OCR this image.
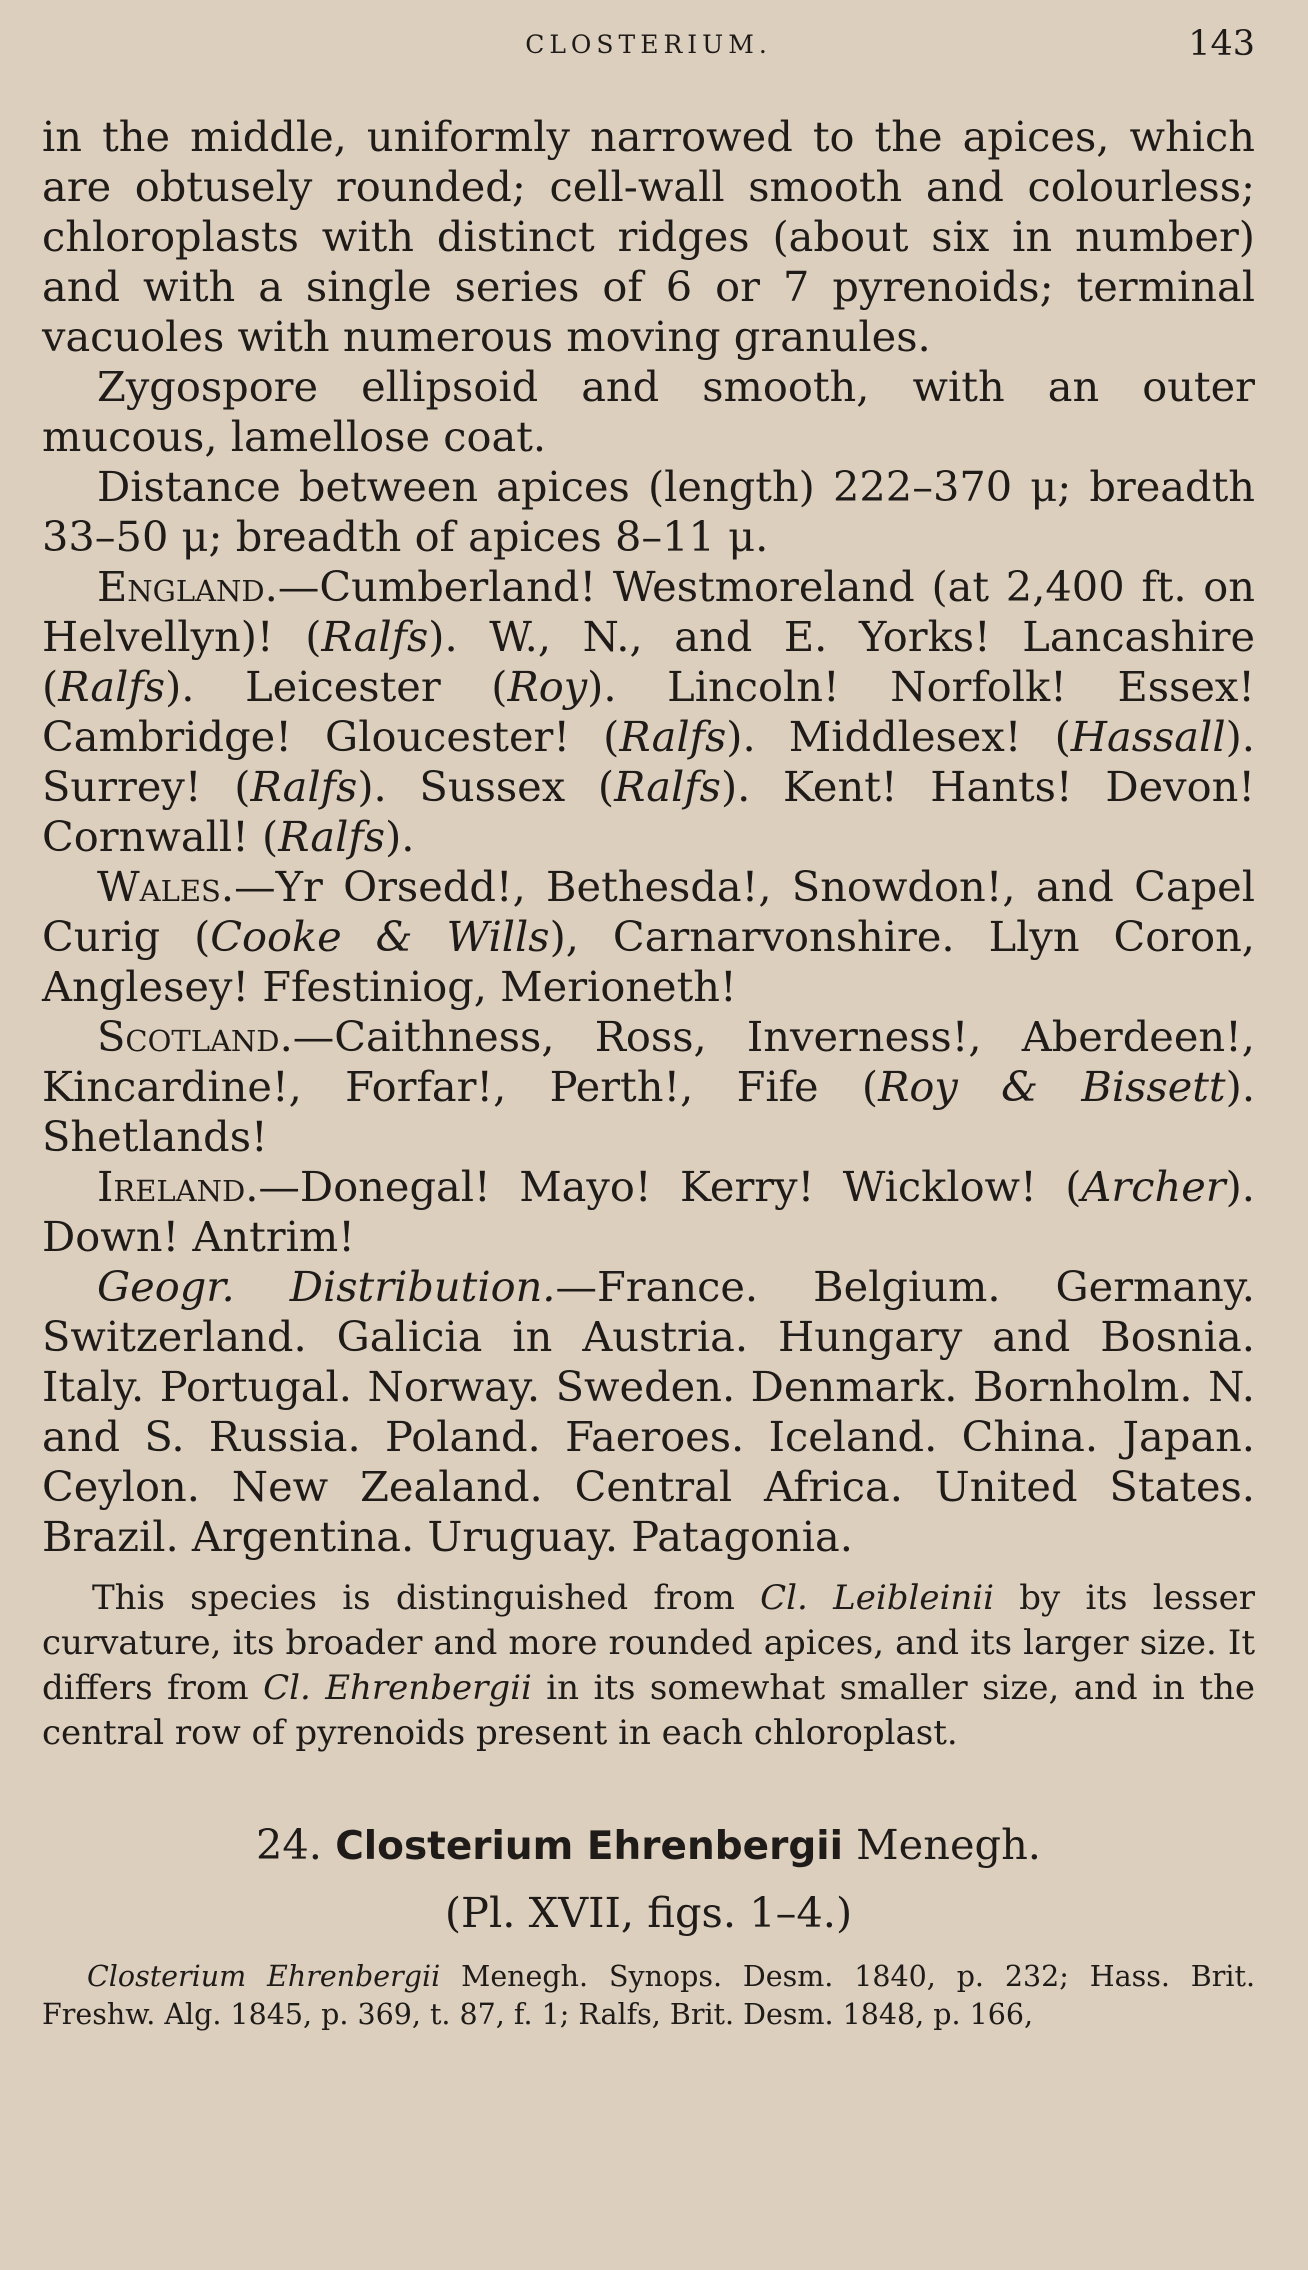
CLOSTERIUM.	143

in the middle, uniformly narrowed to the apices, which are obtusely rounded; cell-wall smooth and colourless; chloroplasts with distinct ridges (about six in number) and with a single series of 6 or 7 pyrenoids; terminal vacuoles with numerous moving granules.

Zygospore ellipsoid and smooth, with an outer mucous, lamellose coat.

Distance between apices (length) 222–370 μ; breadth 33–50 μ; breadth of apices 8–11 μ.

England.—Cumberland! Westmoreland (at 2,400 ft. on Helvellyn)! (Ralfs). W., N., and E. Yorks! Lancashire (Ralfs). Leicester (Roy). Lincoln! Norfolk! Essex! Cambridge! Gloucester! (Ralfs). Middlesex! (Hassall). Surrey! (Ralfs). Sussex (Ralfs). Kent! Hants! Devon! Cornwall! (Ralfs).

Wales.—Yr Orsedd!, Bethesda!, Snowdon!, and Capel Curig (Cooke & Wills), Carnarvonshire. Llyn Coron, Anglesey! Ffestiniog, Merioneth!

Scotland.—Caithness, Ross, Inverness!, Aberdeen!, Kincardine!, Forfar!, Perth!, Fife (Roy & Bissett). Shetlands!

Ireland.—Donegal! Mayo! Kerry! Wicklow! (Archer). Down! Antrim!

Geogr. Distribution.—France. Belgium. Germany. Switzerland. Galicia in Austria. Hungary and Bosnia. Italy. Portugal. Norway. Sweden. Denmark. Bornholm. N. and S. Russia. Poland. Faeroes. Iceland. China. Japan. Ceylon. New Zealand. Central Africa. United States. Brazil. Argentina. Uruguay. Patagonia.

This species is distinguished from Cl. Leibleinii by its lesser curvature, its broader and more rounded apices, and its larger size. It differs from Cl. Ehrenbergii in its somewhat smaller size, and in the central row of pyrenoids present in each chloroplast.

24. Closterium Ehrenbergii Menegh.
(Pl. XVII, figs. 1–4.)

Closterium Ehrenbergii Menegh. Synops. Desm. 1840, p. 232; Hass. Brit. Freshw. Alg. 1845, p. 369, t. 87, f. 1; Ralfs, Brit. Desm. 1848, p. 166,
